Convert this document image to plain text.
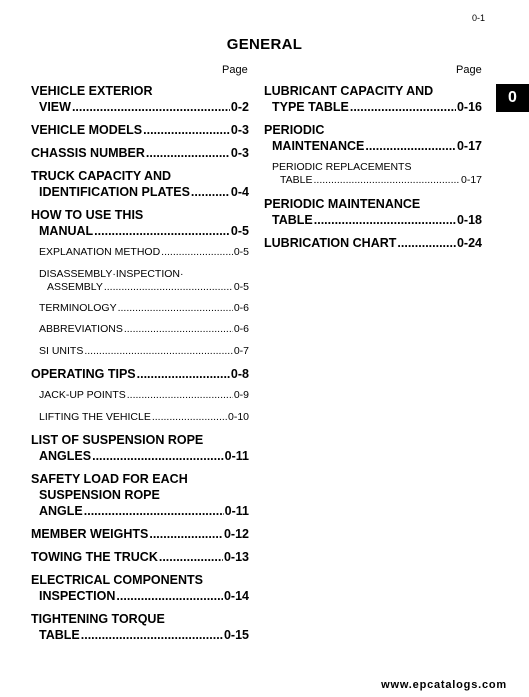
0-1
GENERAL
Page	Page
0
VEHICLE EXTERIOR
VIEW .....	0-2
VEHICLE MODELS .....	0-3
CHASSIS NUMBER .....	0-3
TRUCK CAPACITY AND
IDENTIFICATION PLATES .....	0-4
HOW TO USE THIS
MANUAL .....	0-5
EXPLANATION METHOD .....	0-5
DISASSEMBLY·INSPECTION·
ASSEMBLY .....	0-5
TERMINOLOGY .....	0-6
ABBREVIATIONS .....	0-6
SI UNITS .....	0-7
OPERATING TIPS .....	0-8
JACK-UP POINTS .....	0-9
LIFTING THE VEHICLE .....	0-10
LIST OF SUSPENSION ROPE
ANGLES .....	0-11
SAFETY LOAD FOR EACH
SUSPENSION ROPE
ANGLE .....	0-11
MEMBER WEIGHTS .....	0-12
TOWING THE TRUCK .....	0-13
ELECTRICAL COMPONENTS
INSPECTION .....	0-14
TIGHTENING TORQUE
TABLE .....	0-15
LUBRICANT CAPACITY AND
TYPE TABLE .....	0-16
PERIODIC
MAINTENANCE .....	0-17
PERIODIC REPLACEMENTS
TABLE .....	0-17
PERIODIC MAINTENANCE
TABLE .....	0-18
LUBRICATION CHART .....	0-24
www.epcatalogs.com
